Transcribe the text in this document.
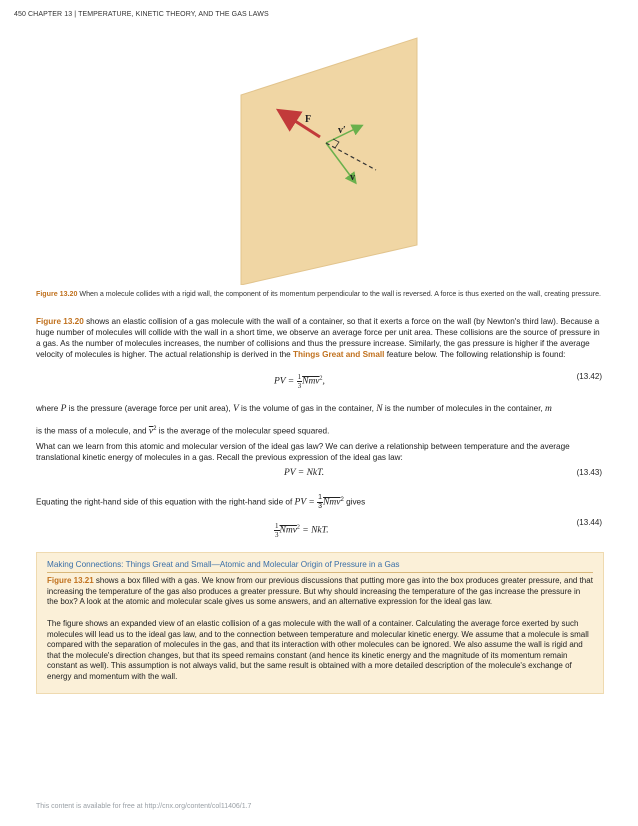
450 CHAPTER 13 | TEMPERATURE, KINETIC THEORY, AND THE GAS LAWS
F
v′
v
Figure 13.20 When a molecule collides with a rigid wall, the component of its momentum perpendicular to the wall is reversed. A force is thus exerted on the wall, creating pressure.
Figure 13.20 shows an elastic collision of a gas molecule with the wall of a container, so that it exerts a force on the wall (by Newton's third law). Because a huge number of molecules will collide with the wall in a short time, we observe an average force per unit area. These collisions are the source of pressure in a gas. As the number of molecules increases, the number of collisions and thus the pressure increase. Similarly, the gas pressure is higher if the average velocity of molecules is higher. The actual relationship is derived in the Things Great and Small feature below. The following relationship is found:
PV = $\frac{1}{3} \overline{Nmv}^2$,
(13.42)
where P is the pressure (average force per unit area), V is the volume of gas in the container, N is the number of molecules in the container, m
is the mass of a molecule, and $\overline{v}^2$ is the average of the molecular speed squared.
What can we learn from this atomic and molecular version of the ideal gas law? We can derive a relationship between temperature and the average translational kinetic energy of molecules in a gas. Recall the previous expression of the ideal gas law:
PV = NkT.	(13.43)
Equating the right-hand side of this equation with the right-hand side of PV = $\frac{1}{3} \overline{Nmv}^2$ gives
$\frac{1}{3} \overline{Nmv}^2$ = NkT.
(13.44)
Making Connections: Things Great and Small—Atomic and Molecular Origin of Pressure in a Gas
Figure 13.21 shows a box filled with a gas. We know from our previous discussions that putting more gas into the box produces greater pressure, and that increasing the temperature of the gas also produces a greater pressure. But why should increasing the temperature of the gas increase the pressure in the box? A look at the atomic and molecular scale gives us some answers, and an alternative expression for the ideal gas law.
The figure shows an expanded view of an elastic collision of a gas molecule with the wall of a container. Calculating the average force exerted by such molecules will lead us to the ideal gas law, and to the connection between temperature and molecular kinetic energy. We assume that a molecule is small compared with the separation of molecules in the gas, and that its interaction with other molecules can be ignored. We also assume the wall is rigid and that the molecule's direction changes, but that its speed remains constant (and hence its kinetic energy and the magnitude of its momentum remain constant as well). This assumption is not always valid, but the same result is obtained with a more detailed description of the molecule's exchange of energy and momentum with the wall.
This content is available for free at http://cnx.org/content/col11406/1.7
